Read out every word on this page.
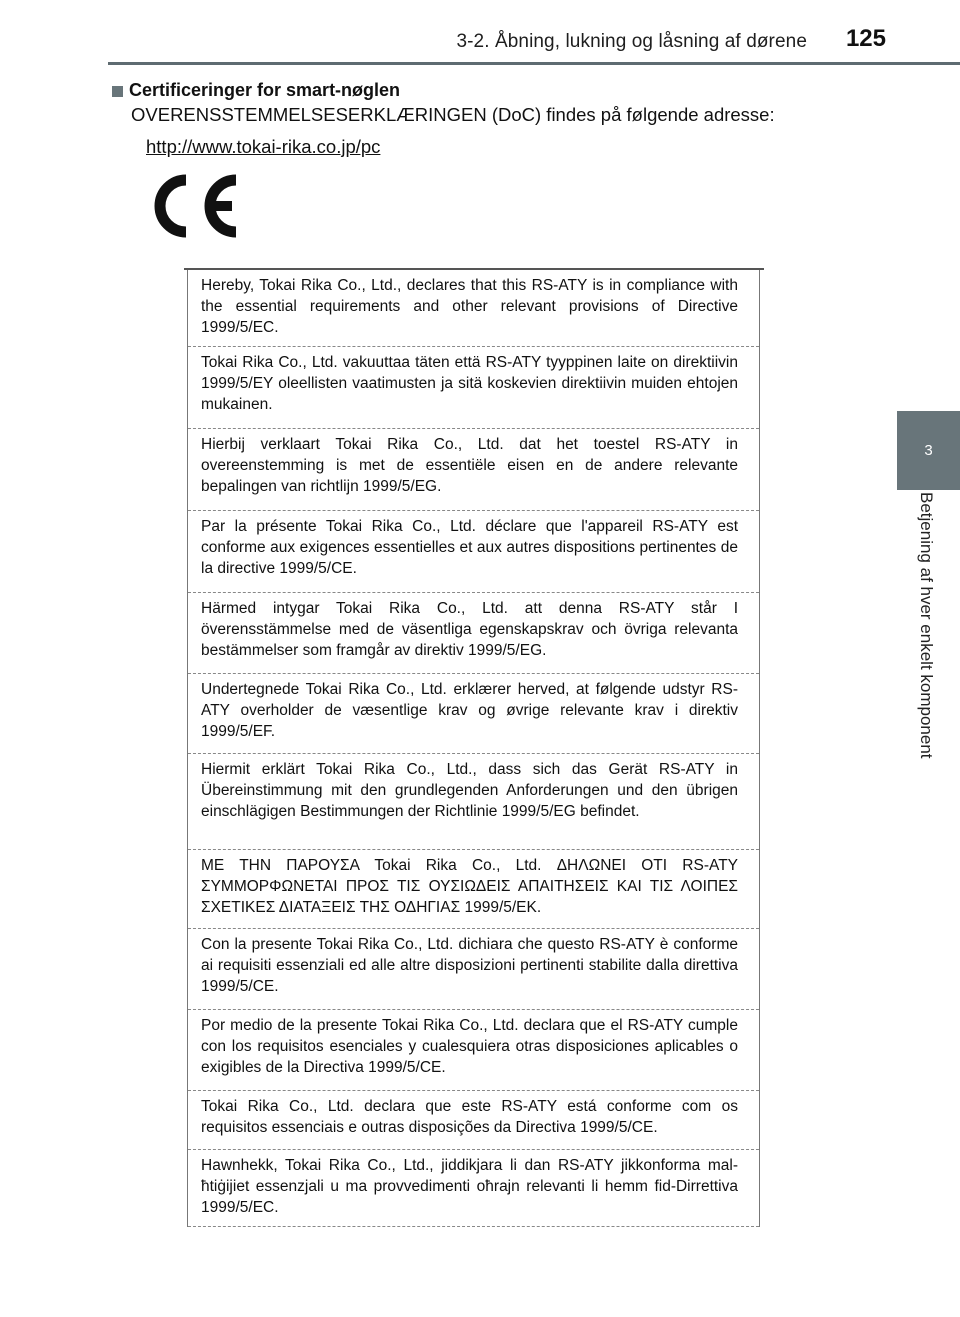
3-2. Åbning, lukning og låsning af dørene 125
3
Betjening af hver enkelt komponent
Certificeringer for smart-nøglen
OVERENSSTEMMELSESERKLÆRINGEN (DoC) findes på følgende adresse:
http://www.tokai-rika.co.jp/pc
Hereby, Tokai Rika Co., Ltd., declares that this RS-ATY is in compliance with the essential requirements and other relevant provisions of Directive 1999/5/EC.
Tokai Rika Co., Ltd. vakuuttaa täten että RS-ATY tyyppinen laite on direktiivin 1999/5/EY oleellisten vaatimusten ja sitä koskevien direktiivin muiden ehtojen mukainen.
Hierbij verklaart Tokai Rika Co., Ltd. dat het toestel RS-ATY in overeenstemming is met de essentiële eisen en de andere relevante bepalingen van richtlijn 1999/5/EG.
Par la présente Tokai Rika Co., Ltd. déclare que l'appareil RS-ATY est conforme aux exigences essentielles et aux autres dispositions pertinentes de la directive 1999/5/CE.
Härmed intygar Tokai Rika Co., Ltd. att denna RS-ATY står I överensstämmelse med de väsentliga egenskapskrav och övriga relevanta bestämmelser som framgår av direktiv 1999/5/EG.
Undertegnede Tokai Rika Co., Ltd. erklærer herved, at følgende udstyr RS-ATY overholder de væsentlige krav og øvrige relevante krav i direktiv 1999/5/EF.
Hiermit erklärt Tokai Rika Co., Ltd., dass sich das Gerät RS-ATY in Übereinstimmung mit den grundlegenden Anforderungen und den übrigen einschlägigen Bestimmungen der Richtlinie 1999/5/EG befindet.
ΜΕ ΤΗΝ ΠΑΡΟΥΣΑ Tokai Rika Co., Ltd. ΔΗΛΩΝΕΙ ΟΤΙ RS-ATY ΣΥΜΜΟΡΦΩΝΕΤΑΙ ΠΡΟΣ ΤΙΣ ΟΥΣΙΩΔΕΙΣ ΑΠΑΙΤΗΣΕΙΣ ΚΑΙ ΤΙΣ ΛΟΙΠΕΣ ΣΧΕΤΙΚΕΣ ΔΙΑΤΑΞΕΙΣ ΤΗΣ ΟΔΗΓΙΑΣ 1999/5/ΕΚ.
Con la presente Tokai Rika Co., Ltd. dichiara che questo RS-ATY è conforme ai requisiti essenziali ed alle altre disposizioni pertinenti stabilite dalla direttiva 1999/5/CE.
Por medio de la presente Tokai Rika Co., Ltd. declara que el RS-ATY cumple con los requisitos esenciales y cualesquiera otras disposiciones aplicables o exigibles de la Directiva 1999/5/CE.
Tokai Rika Co., Ltd. declara que este RS-ATY está conforme com os requisitos essenciais e outras disposições da Directiva 1999/5/CE.
Hawnhekk, Tokai Rika Co., Ltd., jiddikjara li dan RS-ATY jikkonforma mal-ħtiġijiet essenzjali u ma provvedimenti oħrajn relevanti li hemm fid-Dirrettiva 1999/5/EC.
